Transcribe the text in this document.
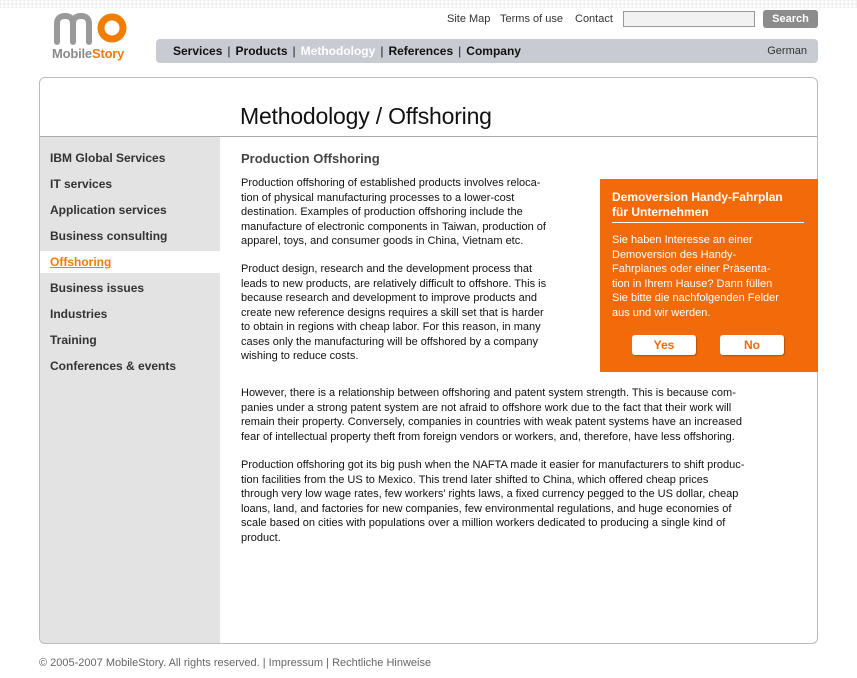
MobileStory
Site Map Terms of use Contact	Search
Services | Products | Methodology | References | Company	German
Methodology / Offshoring
IBM Global Services
IT services
Application services
Business consulting
Offshoring
Business issues
Industries
Training
Conferences & events
Production Offshoring
Production offshoring of established products involves reloca-
tion of physical manufacturing processes to a lower-cost
destination. Examples of production offshoring include the
manufacture of electronic components in Taiwan, production of
apparel, toys, and consumer goods in China, Vietnam etc.
Product design, research and the development process that
leads to new products, are relatively difficult to offshore. This is
because research and development to improve products and
create new reference designs requires a skill set that is harder
to obtain in regions with cheap labor. For this reason, in many
cases only the manufacturing will be offshored by a company
wishing to reduce costs.
However, there is a relationship between offshoring and patent system strength. This is because com-
panies under a strong patent system are not afraid to offshore work due to the fact that their work will
remain their property. Conversely, companies in countries with weak patent systems have an increased
fear of intellectual property theft from foreign vendors or workers, and, therefore, have less offshoring.
Production offshoring got its big push when the NAFTA made it easier for manufacturers to shift produc-
tion facilities from the US to Mexico. This trend later shifted to China, which offered cheap prices
through very low wage rates, few workers' rights laws, a fixed currency pegged to the US dollar, cheap
loans, land, and factories for new companies, few environmental regulations, and huge economies of
scale based on cities with populations over a million workers dedicated to producing a single kind of
product.
Demoversion Handy-Fahrplan
für Unternehmen
Sie haben Interesse an einer
Demoversion des Handy-
Fahrplanes oder einer Präsenta-
tion in Ihrem Hause? Dann füllen
Sie bitte die nachfolgenden Felder
aus und wir werden.
Yes	No
© 2005-2007 MobileStory. All rights reserved. | Impressum | Rechtliche Hinweise
